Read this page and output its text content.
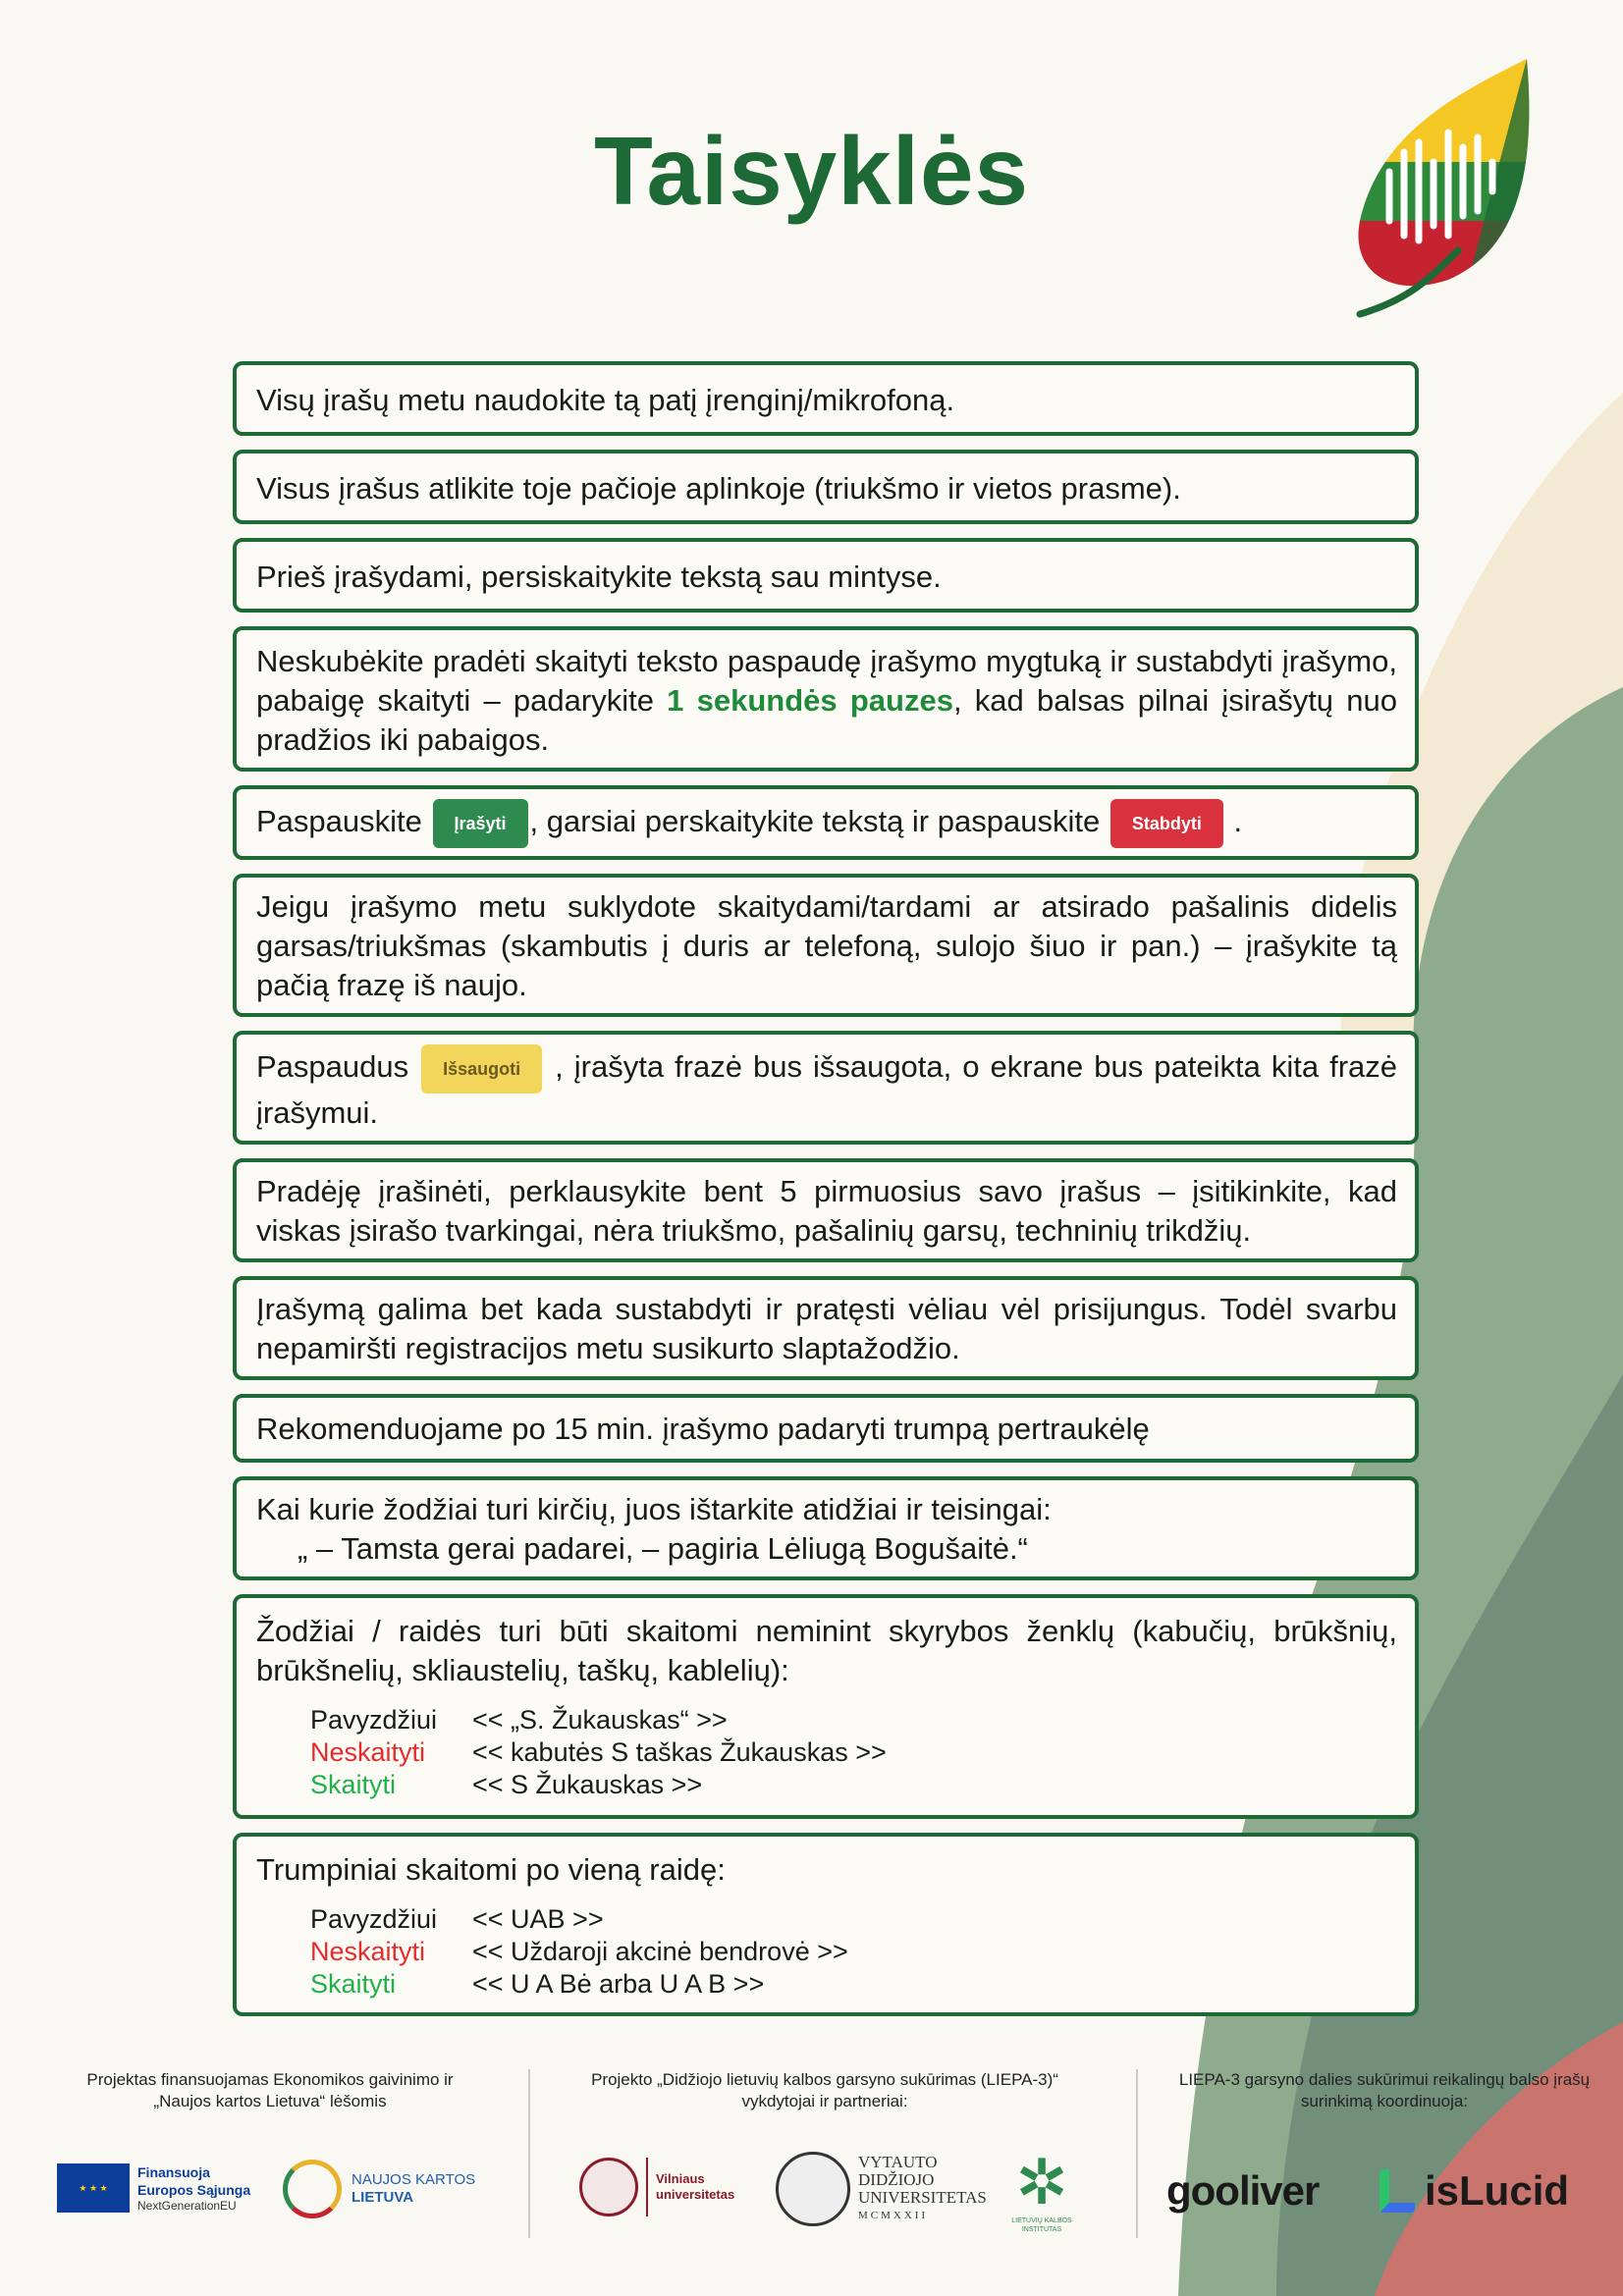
Taisyklės
Visų įrašų metu naudokite tą patį įrenginį/mikrofoną.
Visus įrašus atlikite toje pačioje aplinkoje (triukšmo ir vietos prasme).
Prieš įrašydami, persiskaitykite tekstą sau mintyse.
Neskubėkite pradėti skaityti teksto paspaudę įrašymo mygtuką ir sustabdyti įrašymo, pabaigę skaityti – padarykite 1 sekundės pauzes, kad balsas pilnai įsirašytų nuo pradžios iki pabaigos.
Paspauskite Įrašyti , garsiai perskaitykite tekstą ir paspauskite Stabdyti .
Jeigu įrašymo metu suklydote skaitydami/tardami ar atsirado pašalinis didelis garsas/triukšmas (skambutis į duris ar telefoną, sulojo šiuo ir pan.) – įrašykite tą pačią frazę iš naujo.
Paspaudus Išsaugoti , įrašyta frazė bus išsaugota, o ekrane bus pateikta kita frazė įrašymui.
Pradėję įrašinėti, perklausykite bent 5 pirmuosius savo įrašus – įsitikinkite, kad viskas įsirašo tvarkingai, nėra triukšmo, pašalinių garsų, techninių trikdžių.
Įrašymą galima bet kada sustabdyti ir pratęsti vėliau vėl prisijungus. Todėl svarbu nepamiršti registracijos metu susikurto slaptažodžio.
Rekomenduojame po 15 min. įrašymo padaryti trumpą pertraukėlę
Kai kurie žodžiai turi kirčių, juos ištarkite atidžiai ir teisingai:
„ – Tamsta gerai padarei, – pagiria Lėliugą Bogušaitė.“
Žodžiai / raidės turi būti skaitomi neminint skyrybos ženklų (kabučių, brūkšnių, brūkšnelių, skliaustelių, taškų, kablelių):
Pavyzdžiui	<< „S. Žukauskas“ >>
Neskaityti	<< kabutės S taškas Žukauskas >>
Skaityti	<< S Žukauskas >>
Trumpiniai skaitomi po vieną raidę:
Pavyzdžiui	<< UAB >>
Neskaityti	<< Uždaroji akcinė bendrovė >>
Skaityti	<< U A Bė arba U A B >>
Projektas finansuojamas Ekonomikos gaivinimo ir „Naujos kartos Lietuva“ lėšomis
★ ★ ★
Finansuoja
Europos Sąjunga
NextGenerationEU
NAUJOS KARTOS
LIETUVA
Projekto „Didžiojo lietuvių kalbos garsyno sukūrimas (LIEPA-3)“ vykdytojai ir partneriai:
Vilniaus
universitetas
VYTAUTO
DIDŽIOJO
UNIVERSITETAS
MCMXXII	✲
LIETUVIŲ KALBOS INSTITUTAS
LIEPA-3 garsyno dalies sukūrimui reikalingų balso įrašų surinkimą koordinuoja:
gooliver	isLucid
